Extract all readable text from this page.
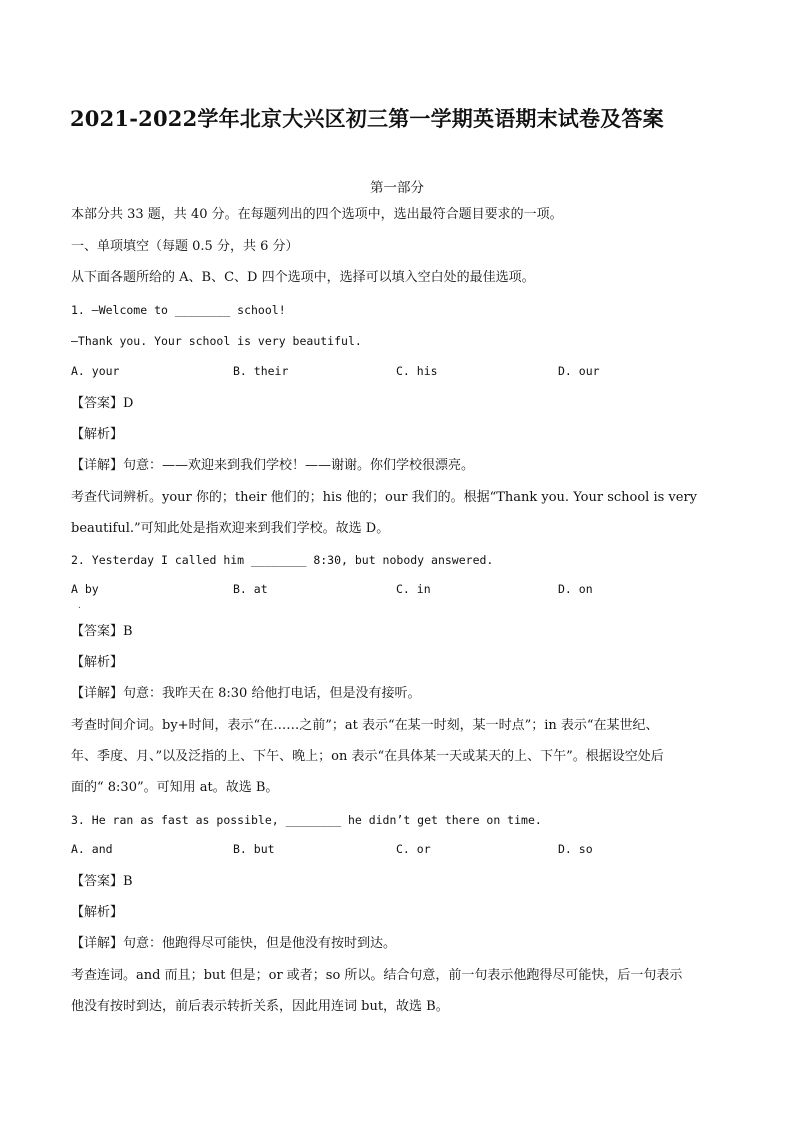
2021-2022学年北京大兴区初三第一学期英语期末试卷及答案
第一部分
本部分共 33 题，共 40 分。在每题列出的四个选项中，选出最符合题目要求的一项。
一、单项填空（每题 0.5 分，共 6 分）
从下面各题所给的 A、B、C、D 四个选项中，选择可以填入空白处的最佳选项。
1. —Welcome to ________ school!
—Thank you. Your school is very beautiful.
A. your	B. their	C. his	D. our
【答案】D
【解析】
【详解】句意：——欢迎来到我们学校！——谢谢。你们学校很漂亮。
考查代词辨析。your 你的；their 他们的；his 他的；our 我们的。根据“Thank you. Your school is very
beautiful.”可知此处是指欢迎来到我们学校。故选 D。
2. Yesterday I called him ________ 8:30, but nobody answered.
A by	B. at	C. in	D. on
.
【答案】B
【解析】
【详解】句意：我昨天在 8:30 给他打电话，但是没有接听。
考查时间介词。by+时间，表示“在……之前”；at 表示“在某一时刻，某一时点”；in 表示“在某世纪、
年、季度、月、”以及泛指的上、下午、晚上；on 表示“在具体某一天或某天的上、下午”。根据设空处后
面的“ 8:30”。可知用 at。故选 B。
3. He ran as fast as possible, ________ he didn’t get there on time.
A. and	B. but	C. or	D. so
【答案】B
【解析】
【详解】句意：他跑得尽可能快，但是他没有按时到达。
考查连词。and 而且；but 但是；or 或者；so 所以。结合句意，前一句表示他跑得尽可能快，后一句表示
他没有按时到达，前后表示转折关系，因此用连词 but，故选 B。
